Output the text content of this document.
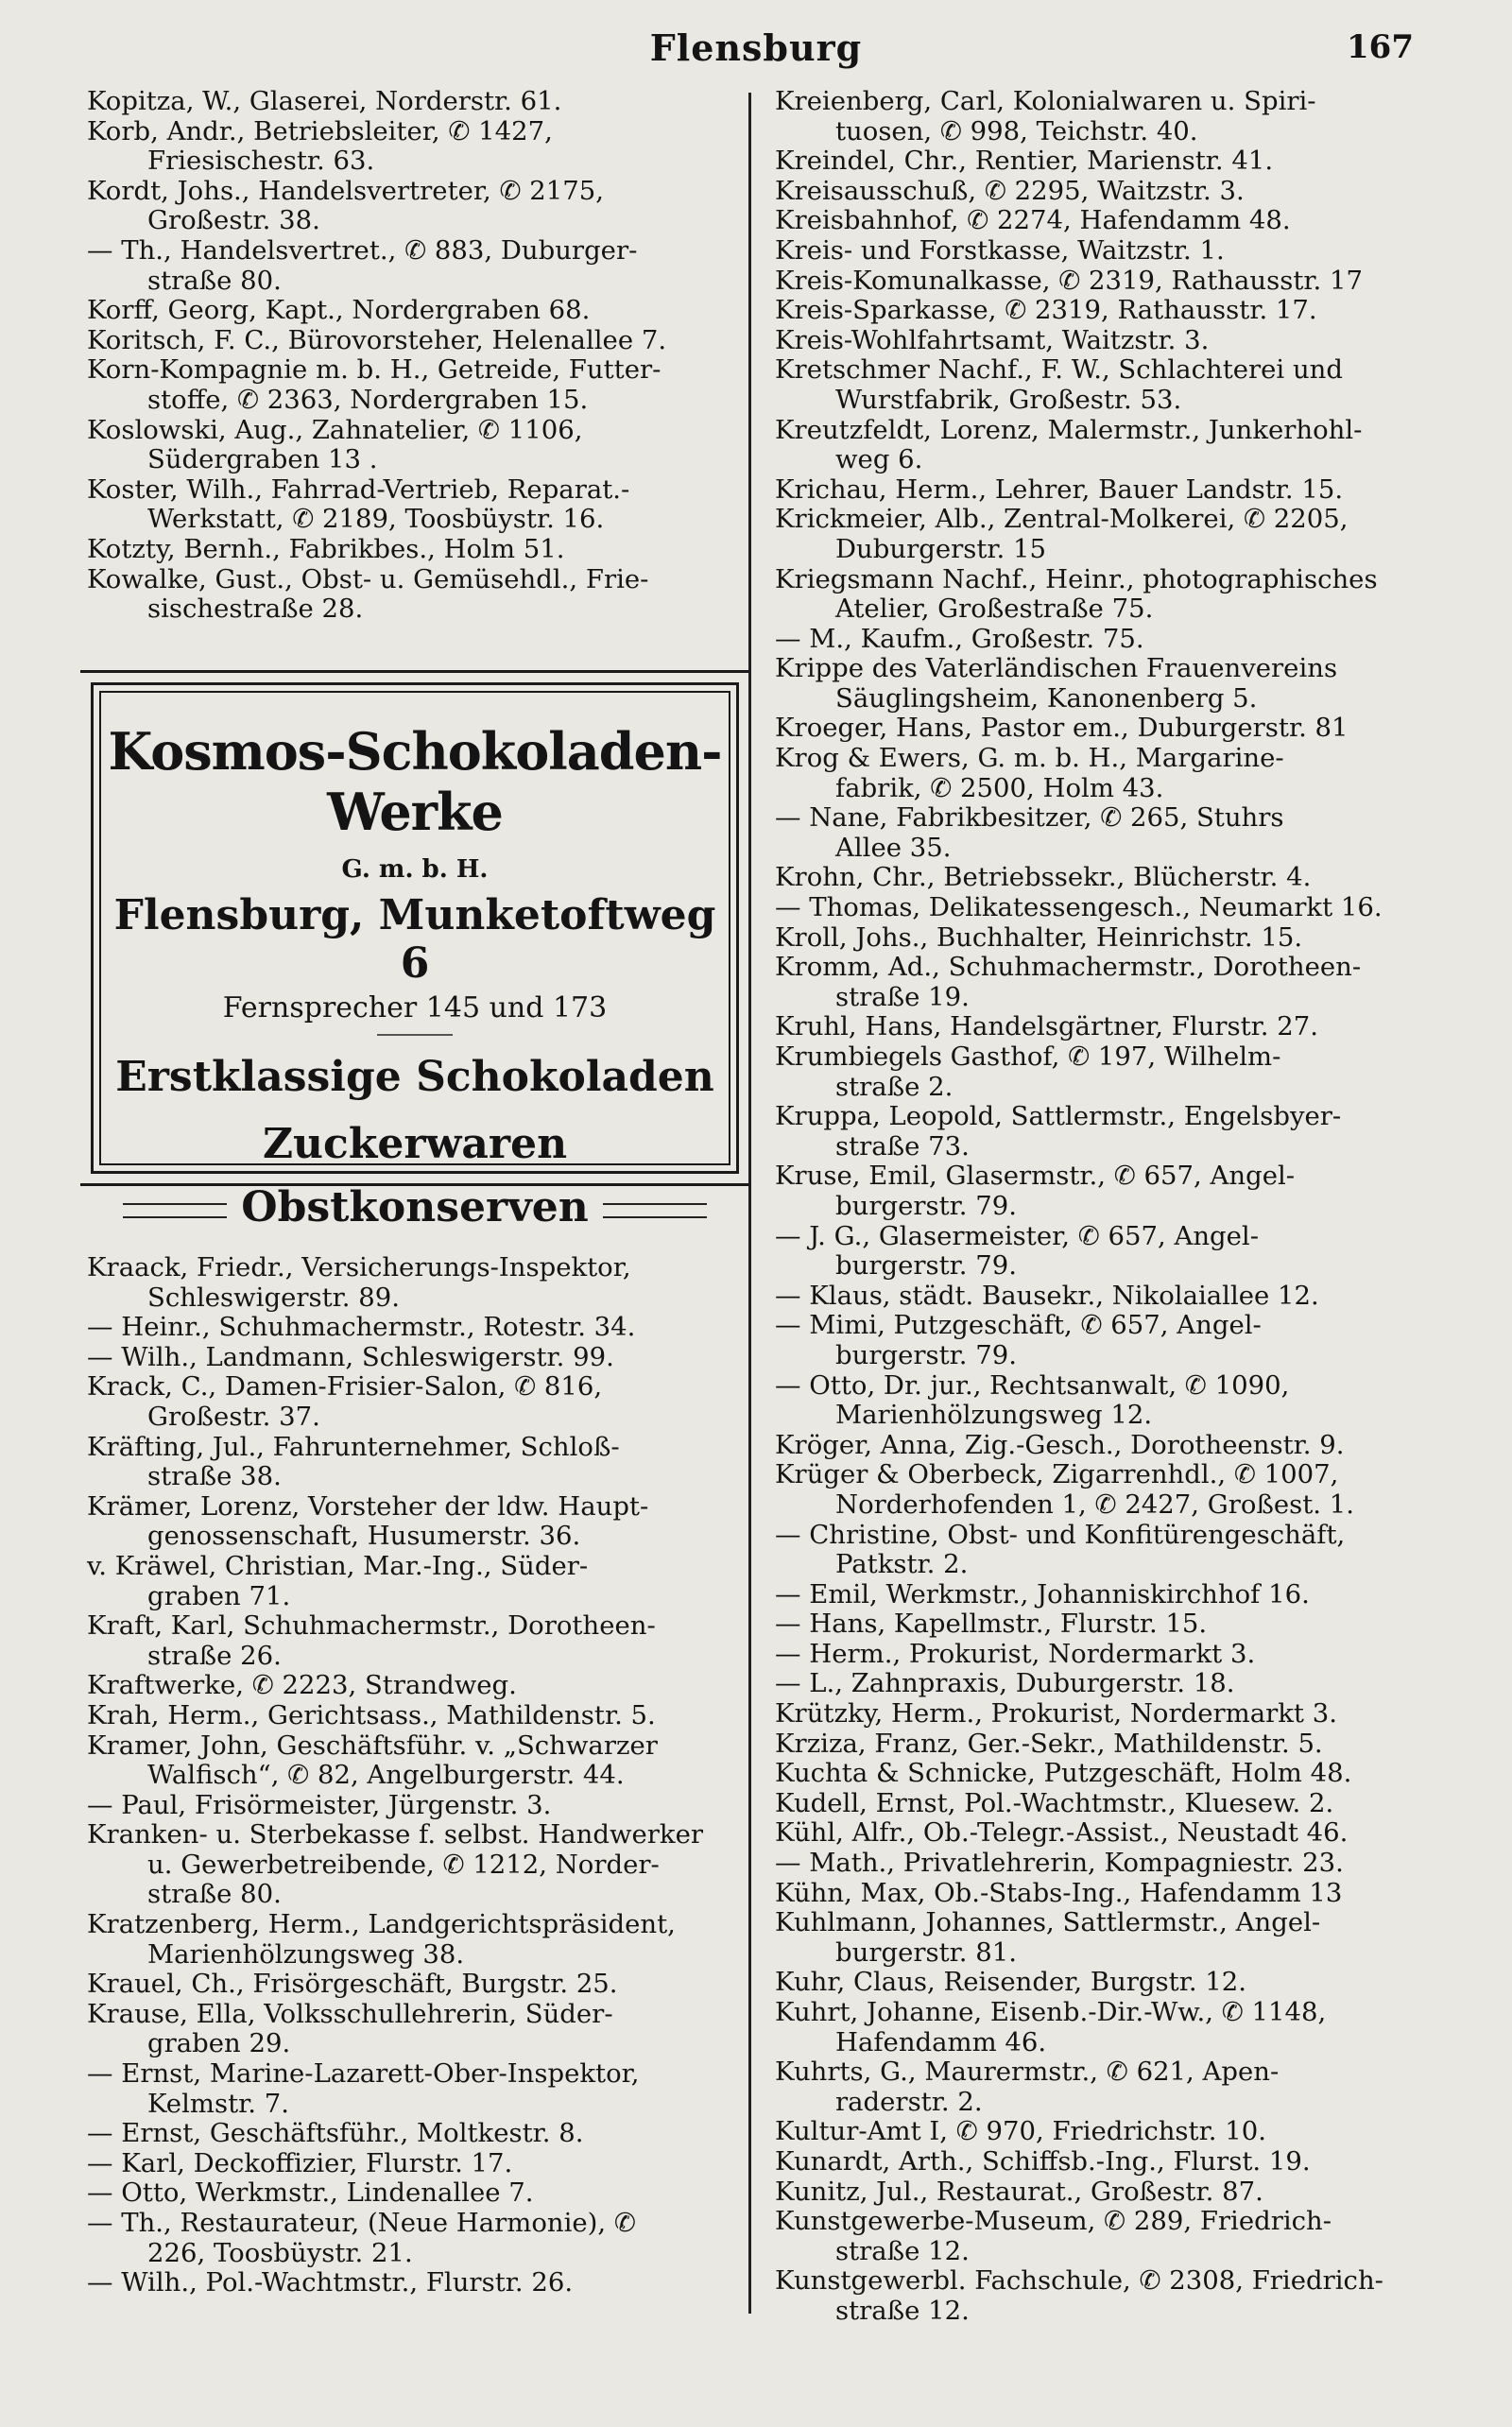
Flensburg	167

Kopitza, W., Glaserei, Norderstr. 61.

Korb, Andr., Betriebsleiter, ✆ 1427,
Friesischestr. 63.

Kordt, Johs., Handelsvertreter, ✆ 2175,
Großestr. 38.

— Th., Handelsvertret., ✆ 883, Duburger-
straße 80.

Korff, Georg, Kapt., Nordergraben 68.

Koritsch, F. C., Bürovorsteher, Helenallee 7.

Korn-Kompagnie m. b. H., Getreide, Futter-
stoffe, ✆ 2363, Nordergraben 15.

Koslowski, Aug., Zahnatelier, ✆ 1106,
Südergraben 13 .

Koster, Wilh., Fahrrad-Vertrieb, Reparat.-
Werkstatt, ✆ 2189, Toosbüystr. 16.

Kotzty, Bernh., Fabrikbes., Holm 51.

Kowalke, Gust., Obst- u. Gemüsehdl., Frie-
sischestraße 28.

Kosmos-Schokoladen-Werke
G. m. b. H.
Flensburg, Munketoftweg 6
Fernsprecher 145 und 173
Erstklassige Schokoladen
Zuckerwaren
Obstkonserven

Kraack, Friedr., Versicherungs-Inspektor,
Schleswigerstr. 89.

— Heinr., Schuhmachermstr., Rotestr. 34.

— Wilh., Landmann, Schleswigerstr. 99.

Krack, C., Damen-Frisier-Salon, ✆ 816,
Großestr. 37.

Kräfting, Jul., Fahrunternehmer, Schloß-
straße 38.

Krämer, Lorenz, Vorsteher der ldw. Haupt-
genossenschaft, Husumerstr. 36.

v. Kräwel, Christian, Mar.-Ing., Süder-
graben 71.

Kraft, Karl, Schuhmachermstr., Dorotheen-
straße 26.

Kraftwerke, ✆ 2223, Strandweg.

Krah, Herm., Gerichtsass., Mathildenstr. 5.

Kramer, John, Geschäftsführ. v. „Schwarzer
Walfisch“, ✆ 82, Angelburgerstr. 44.

— Paul, Frisörmeister, Jürgenstr. 3.

Kranken- u. Sterbekasse f. selbst. Handwerker
u. Gewerbetreibende, ✆ 1212, Norder-
straße 80.

Kratzenberg, Herm., Landgerichtspräsident,
Marienhölzungsweg 38.

Krauel, Ch., Frisörgeschäft, Burgstr. 25.

Krause, Ella, Volksschullehrerin, Süder-
graben 29.

— Ernst, Marine-Lazarett-Ober-Inspektor,
Kelmstr. 7.

— Ernst, Geschäftsführ., Moltkestr. 8.

— Karl, Deckoffizier, Flurstr. 17.

— Otto, Werkmstr., Lindenallee 7.

— Th., Restaurateur, (Neue Harmonie), ✆
226, Toosbüystr. 21.

— Wilh., Pol.-Wachtmstr., Flurstr. 26.

Kreienberg, Carl, Kolonialwaren u. Spiri-
tuosen, ✆ 998, Teichstr. 40.

Kreindel, Chr., Rentier, Marienstr. 41.

Kreisausschuß, ✆ 2295, Waitzstr. 3.

Kreisbahnhof, ✆ 2274, Hafendamm 48.

Kreis- und Forstkasse, Waitzstr. 1.

Kreis-Komunalkasse, ✆ 2319, Rathausstr. 17

Kreis-Sparkasse, ✆ 2319, Rathausstr. 17.

Kreis-Wohlfahrtsamt, Waitzstr. 3.

Kretschmer Nachf., F. W., Schlachterei und
Wurstfabrik, Großestr. 53.

Kreutzfeldt, Lorenz, Malermstr., Junkerhohl-
weg 6.

Krichau, Herm., Lehrer, Bauer Landstr. 15.

Krickmeier, Alb., Zentral-Molkerei, ✆ 2205,
Duburgerstr. 15

Kriegsmann Nachf., Heinr., photographisches
Atelier, Großestraße 75.

— M., Kaufm., Großestr. 75.

Krippe des Vaterländischen Frauenvereins
Säuglingsheim, Kanonenberg 5.

Kroeger, Hans, Pastor em., Duburgerstr. 81

Krog & Ewers, G. m. b. H., Margarine-
fabrik, ✆ 2500, Holm 43.

— Nane, Fabrikbesitzer, ✆ 265, Stuhrs
Allee 35.

Krohn, Chr., Betriebssekr., Blücherstr. 4.

— Thomas, Delikatessengesch., Neumarkt 16.

Kroll, Johs., Buchhalter, Heinrichstr. 15.

Kromm, Ad., Schuhmachermstr., Dorotheen-
straße 19.

Kruhl, Hans, Handelsgärtner, Flurstr. 27.

Krumbiegels Gasthof, ✆ 197, Wilhelm-
straße 2.

Kruppa, Leopold, Sattlermstr., Engelsbyer-
straße 73.

Kruse, Emil, Glasermstr., ✆ 657, Angel-
burgerstr. 79.

— J. G., Glasermeister, ✆ 657, Angel-
burgerstr. 79.

— Klaus, städt. Bausekr., Nikolaiallee 12.

— Mimi, Putzgeschäft, ✆ 657, Angel-
burgerstr. 79.

— Otto, Dr. jur., Rechtsanwalt, ✆ 1090,
Marienhölzungsweg 12.

Kröger, Anna, Zig.-Gesch., Dorotheenstr. 9.

Krüger & Oberbeck, Zigarrenhdl., ✆ 1007,
Norderhofenden 1, ✆ 2427, Großest. 1.

— Christine, Obst- und Konfitürengeschäft,
Patkstr. 2.

— Emil, Werkmstr., Johanniskirchhof 16.

— Hans, Kapellmstr., Flurstr. 15.

— Herm., Prokurist, Nordermarkt 3.

— L., Zahnpraxis, Duburgerstr. 18.

Krützky, Herm., Prokurist, Nordermarkt 3.

Krziza, Franz, Ger.-Sekr., Mathildenstr. 5.

Kuchta & Schnicke, Putzgeschäft, Holm 48.

Kudell, Ernst, Pol.-Wachtmstr., Kluesew. 2.

Kühl, Alfr., Ob.-Telegr.-Assist., Neustadt 46.

— Math., Privatlehrerin, Kompagniestr. 23.

Kühn, Max, Ob.-Stabs-Ing., Hafendamm 13

Kuhlmann, Johannes, Sattlermstr., Angel-
burgerstr. 81.

Kuhr, Claus, Reisender, Burgstr. 12.

Kuhrt, Johanne, Eisenb.-Dir.-Ww., ✆ 1148,
Hafendamm 46.

Kuhrts, G., Maurermstr., ✆ 621, Apen-
raderstr. 2.

Kultur-Amt I, ✆ 970, Friedrichstr. 10.

Kunardt, Arth., Schiffsb.-Ing., Flurst. 19.

Kunitz, Jul., Restaurat., Großestr. 87.

Kunstgewerbe-Museum, ✆ 289, Friedrich-
straße 12.

Kunstgewerbl. Fachschule, ✆ 2308, Friedrich-
straße 12.
